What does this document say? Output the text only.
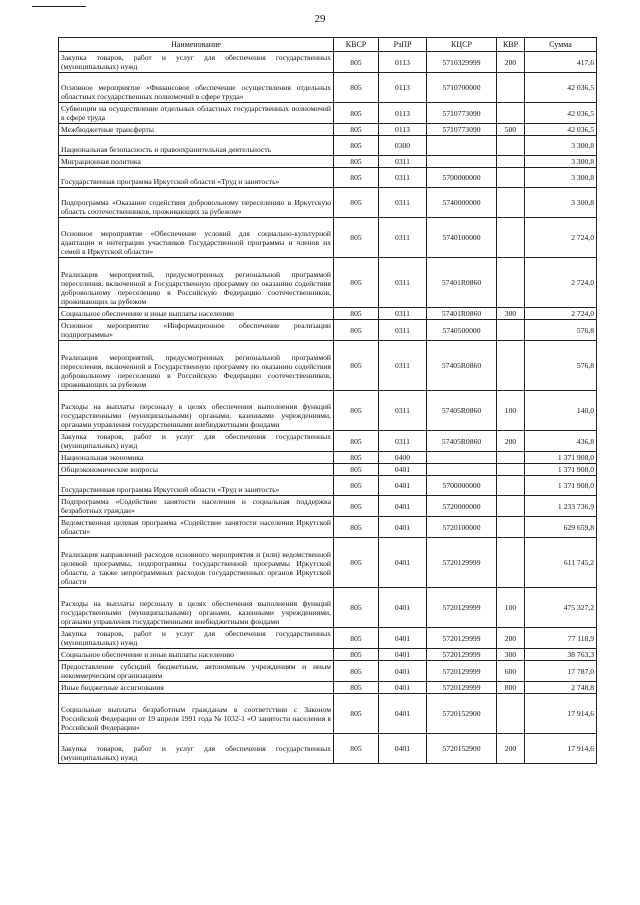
29
Наименование	КВСР	РзПР	КЦСР	КВР	Сумма
Закупка товаров, работ и услуг для обеспечения государственных (муниципальных) нужд	805	0113	5710329999	200	417,6
Основное мероприятие «Финансовое обеспечение осуществления отдельных областных государственных полномочий в сфере труда»	805	0113	5710700000		42 036,5
Субвенции на осуществление отдельных областных государственных полномочий в сфере труда	805	0113	5710773090		42 036,5
Межбюджетные трансферты	805	0113	5710773090	500	42 036,5
Национальная безопасность и правоохранительная деятельность	805	0300			3 300,8
Миграционная политика	805	0311			3 300,8
Государственная программа Иркутской области «Труд и занятость»	805	0311	5700000000		3 300,8
Подпрограмма «Оказание содействия добровольному переселению в Иркутскую область соотечественников, проживающих за рубежом»	805	0311	5740000000		3 300,8
Основное мероприятие «Обеспечение условий для социально-культурной адаптации и интеграции участников Государственной программы и членов их семей в Иркутской области»	805	0311	5740100000		2 724,0
Реализация мероприятий, предусмотренных региональной программой переселения, включенной в Государственную программу по оказанию содействия добровольному переселению в Российскую Федерацию соотечественников, проживающих за рубежом	805	0311	57401R0860		2 724,0
Социальное обеспечение и иные выплаты населению	805	0311	57401R0860	300	2 724,0
Основное мероприятие «Информационное обеспечение реализации подпрограммы»	805	0311	5740500000		576,8
Реализация мероприятий, предусмотренных региональной программой переселения, включенной в Государственную программу по оказанию содействия добровольному переселению в Российскую Федерацию соотечественников, проживающих за рубежом	805	0311	57405R0860		576,8
Расходы на выплаты персоналу в целях обеспечения выполнения функций государственными (муниципальными) органами, казенными учреждениями, органами управления государственными внебюджетными фондами	805	0311	57405R0860	100	140,0
Закупка товаров, работ и услуг для обеспечения государственных (муниципальных) нужд	805	0311	57405R0860	200	436,8
Национальная экономика	805	0400			1 371 908,0
Общеэкономические вопросы	805	0401			1 371 908,0
Государственная программа Иркутской области «Труд и занятость»	805	0401	5700000000		1 371 908,0
Подпрограмма «Содействие занятости населения и социальная поддержка безработных граждан»	805	0401	5720000000		1 233 736,9
Ведомственная целевая программа «Содействие занятости населения Иркутской области»	805	0401	5720100000		629 659,8
Реализация направлений расходов основного мероприятия и (или) ведомственной целевой программы, подпрограммы государственной программы Иркутской области, а также непрограммных расходов государственных органов Иркутской области	805	0401	5720129999		611 745,2
Расходы на выплаты персоналу в целях обеспечения выполнения функций государственными (муниципальными) органами, казенными учреждениями, органами управления государственными внебюджетными фондами	805	0401	5720129999	100	475 327,2
Закупка товаров, работ и услуг для обеспечения государственных (муниципальных) нужд	805	0401	5720129999	200	77 118,9
Социальное обеспечение и иные выплаты населению	805	0401	5720129999	300	38 763,3
Предоставление субсидий бюджетным, автономным учреждениям и иным некоммерческим организациям	805	0401	5720129999	600	17 787,0
Иные бюджетные ассигнования	805	0401	5720129999	800	2 748,8
Социальные выплаты безработным гражданам в соответствии с Законом Российской Федерации от 19 апреля 1991 года № 1032-1 «О занятости населения в Российской Федерации»	805	0401	5720152900		17 914,6
Закупка товаров, работ и услуг для обеспечения государственных (муниципальных) нужд	805	0401	5720152900	200	17 914,6
